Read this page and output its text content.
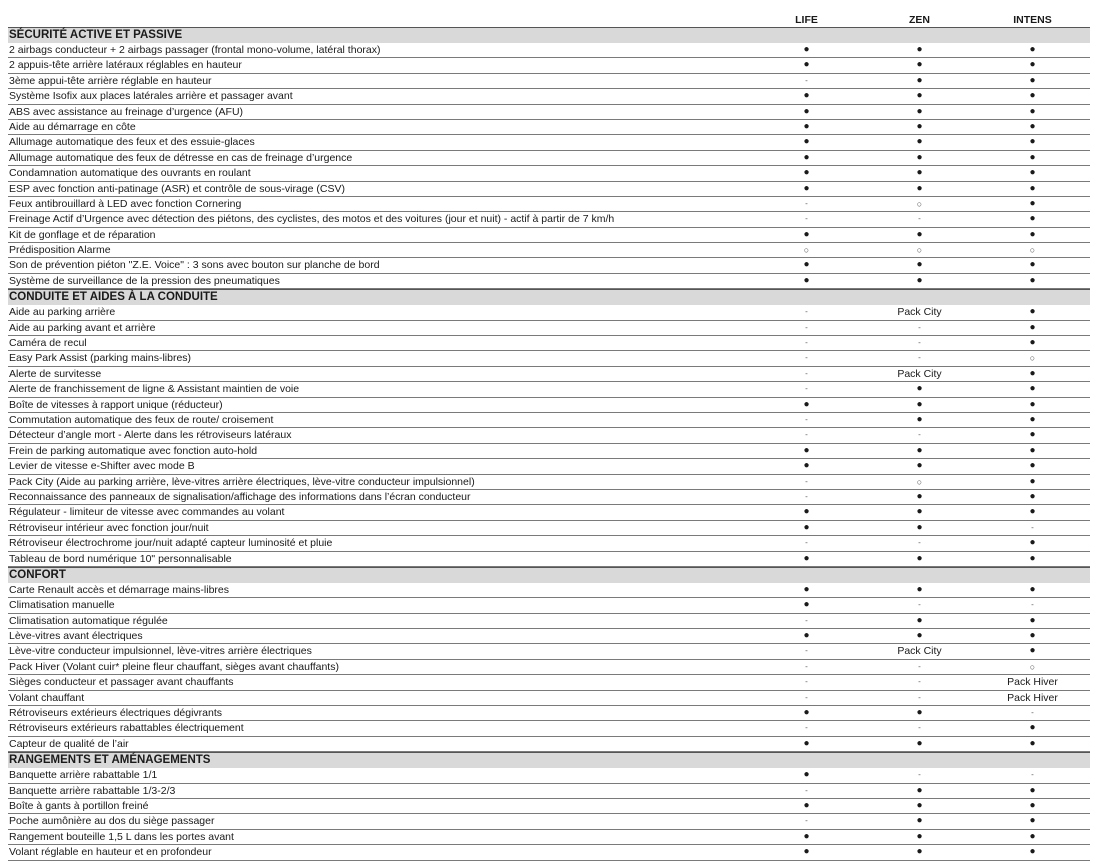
LIFE	ZEN	INTENS
SÉCURITÉ ACTIVE ET PASSIVE
2 airbags conducteur + 2 airbags passager (frontal mono-volume, latéral thorax)	●	●	●
2 appuis-tête arrière latéraux réglables en hauteur	●	●	●
3ème appui-tête arrière réglable en hauteur	-	●	●
Système Isofix aux places latérales arrière et passager avant	●	●	●
ABS avec assistance au freinage d’urgence (AFU)	●	●	●
Aide au démarrage en côte	●	●	●
Allumage automatique des feux et des essuie-glaces	●	●	●
Allumage automatique des feux de détresse en cas de freinage d’urgence	●	●	●
Condamnation automatique des ouvrants en roulant	●	●	●
ESP avec fonction anti-patinage (ASR) et contrôle de sous-virage (CSV)	●	●	●
Feux antibrouillard à LED avec fonction Cornering	-	○	●
Freinage Actif d’Urgence avec détection des piétons, des cyclistes, des motos et des voitures (jour et nuit) - actif à partir de 7 km/h	-	-	●
Kit de gonflage et de réparation	●	●	●
Prédisposition Alarme	○	○	○
Son de prévention piéton "Z.E. Voice" : 3 sons avec bouton sur planche de bord	●	●	●
Système de surveillance de la pression des pneumatiques	●	●	●
CONDUITE ET AIDES À LA CONDUITE
Aide au parking arrière	-	Pack City	●
Aide au parking avant et arrière	-	-	●
Caméra de recul	-	-	●
Easy Park Assist (parking mains-libres)	-	-	○
Alerte de survitesse	-	Pack City	●
Alerte de franchissement de ligne & Assistant maintien de voie	-	●	●
Boîte de vitesses à rapport unique (réducteur)	●	●	●
Commutation automatique des feux de route/ croisement	-	●	●
Détecteur d’angle mort - Alerte dans les rétroviseurs latéraux	-	-	●
Frein de parking automatique avec fonction auto-hold	●	●	●
Levier de vitesse e-Shifter avec mode B	●	●	●
Pack City (Aide au parking arrière, lève-vitres arrière électriques, lève-vitre conducteur impulsionnel)	-	○	●
Reconnaissance des panneaux de signalisation/affichage des informations dans l’écran conducteur	-	●	●
Régulateur - limiteur de vitesse avec commandes au volant	●	●	●
Rétroviseur intérieur avec fonction jour/nuit	●	●	-
Rétroviseur électrochrome jour/nuit adapté capteur luminosité et pluie	-	-	●
Tableau de bord numérique 10" personnalisable	●	●	●
CONFORT
Carte Renault accès et démarrage mains-libres	●	●	●
Climatisation manuelle	●	-	-
Climatisation automatique régulée	-	●	●
Lève-vitres avant électriques	●	●	●
Lève-vitre conducteur impulsionnel, lève-vitres arrière électriques	-	Pack City	●
Pack Hiver (Volant cuir* pleine fleur chauffant, sièges avant chauffants)	-	-	○
Sièges conducteur et passager avant chauffants	-	-	Pack Hiver
Volant chauffant	-	-	Pack Hiver
Rétroviseurs extérieurs électriques dégivrants	●	●	-
Rétroviseurs extérieurs rabattables électriquement	-	-	●
Capteur de qualité de l’air	●	●	●
RANGEMENTS ET AMÉNAGEMENTS
Banquette arrière rabattable 1/1	●	-	-
Banquette arrière rabattable 1/3-2/3	-	●	●
Boîte à gants à portillon freiné	●	●	●
Poche aumônière au dos du siège passager	-	●	●
Rangement bouteille 1,5 L dans les portes avant	●	●	●
Volant réglable en hauteur et en profondeur	●	●	●
